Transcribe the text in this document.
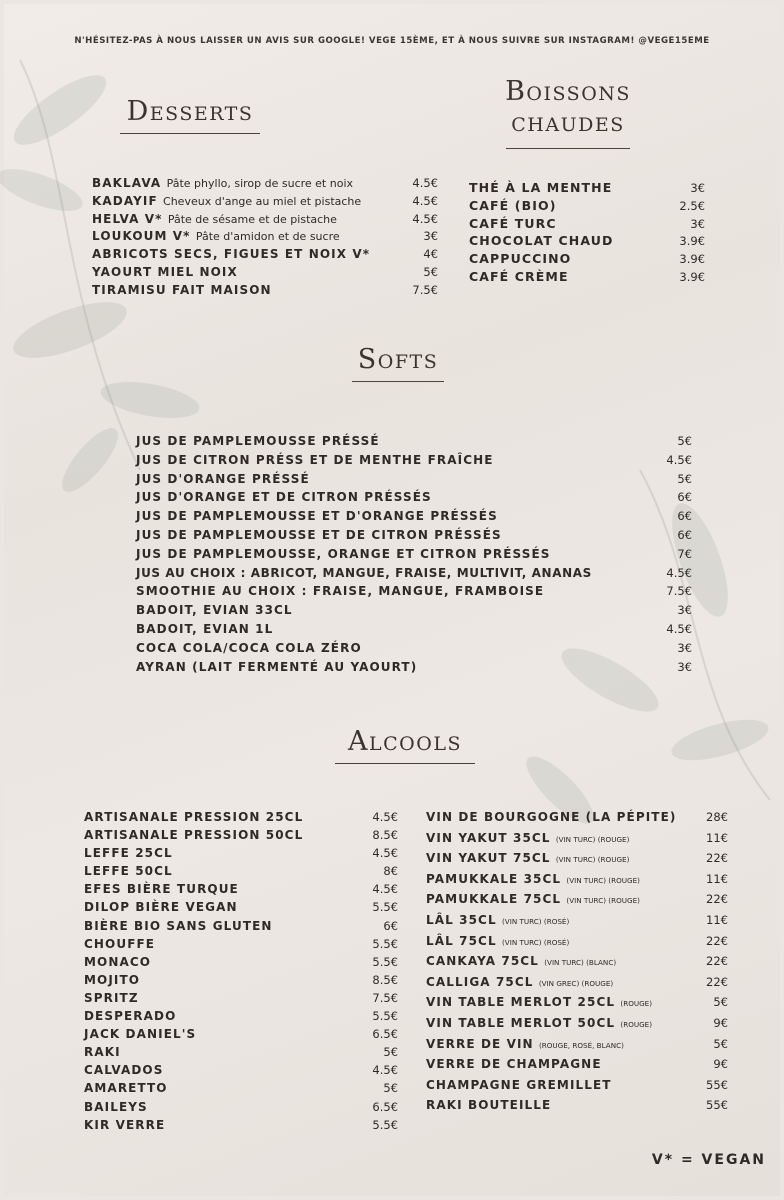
N'HÉSITEZ-PAS À NOUS LAISSER UN AVIS SUR GOOGLE! VEGE 15ÈME, ET À NOUS SUIVRE SUR INSTAGRAM! @VEGE15EME
Desserts
BAKLAVA Pâte phyllo, sirop de sucre et noix	4.5€
KADAYIF Cheveux d'ange au miel et pistache	4.5€
HELVA V* Pâte de sésame et de pistache	4.5€
LOUKOUM V* Pâte d'amidon et de sucre	3€
ABRICOTS SECS, FIGUES ET NOIX V*	4€
YAOURT MIEL NOIX	5€
TIRAMISU FAIT MAISON	7.5€
Boissons
chaudes
THÉ À LA MENTHE	3€
CAFÉ (BIO)	2.5€
CAFÉ TURC	3€
CHOCOLAT CHAUD	3.9€
CAPPUCCINO	3.9€
CAFÉ CRÈME	3.9€
Softs
JUS DE PAMPLEMOUSSE PRÉSSÉ	5€
JUS DE CITRON PRÉSS ET DE MENTHE FRAÎCHE	4.5€
JUS D'ORANGE PRÉSSÉ	5€
JUS D'ORANGE ET DE CITRON PRÉSSÉS	6€
JUS DE PAMPLEMOUSSE ET D'ORANGE PRÉSSÉS	6€
JUS DE PAMPLEMOUSSE ET DE CITRON PRÉSSÉS	6€
JUS DE PAMPLEMOUSSE, ORANGE ET CITRON PRÉSSÉS	7€
JUS AU CHOIX : ABRICOT, MANGUE, FRAISE, MULTIVIT, ANANAS	4.5€
SMOOTHIE AU CHOIX : FRAISE, MANGUE, FRAMBOISE	7.5€
BADOIT, EVIAN 33CL	3€
BADOIT, EVIAN 1L	4.5€
COCA COLA/COCA COLA ZÉRO	3€
AYRAN (LAIT FERMENTÉ AU YAOURT)	3€
Alcools
ARTISANALE PRESSION 25CL	4.5€
ARTISANALE PRESSION 50CL	8.5€
LEFFE 25CL	4.5€
LEFFE 50CL	8€
EFES BIÈRE TURQUE	4.5€
DILOP BIÈRE VEGAN	5.5€
BIÈRE BIO SANS GLUTEN	6€
CHOUFFE	5.5€
MONACO	5.5€
MOJITO	8.5€
SPRITZ	7.5€
DESPERADO	5.5€
JACK DANIEL'S	6.5€
RAKI	5€
CALVADOS	4.5€
AMARETTO	5€
BAILEYS	6.5€
KIR VERRE	5.5€
VIN DE BOURGOGNE (LA PÉPITE)	28€
VIN YAKUT 35CL (VIN TURC) (ROUGE)	11€
VIN YAKUT 75CL (VIN TURC) (ROUGE)	22€
PAMUKKALE 35CL (VIN TURC) (ROUGE)	11€
PAMUKKALE 75CL (VIN TURC) (ROUGE)	22€
LÂL 35CL (VIN TURC) (ROSÉ)	11€
LÂL 75CL (VIN TURC) (ROSÉ)	22€
CANKAYA 75CL (VIN TURC) (BLANC)	22€
CALLIGA 75CL (VIN GREC) (ROUGE)	22€
VIN TABLE MERLOT 25CL (ROUGE)	5€
VIN TABLE MERLOT 50CL (ROUGE)	9€
VERRE DE VIN (ROUGE, ROSÉ, BLANC)	5€
VERRE DE CHAMPAGNE	9€
CHAMPAGNE GREMILLET	55€
RAKI BOUTEILLE	55€
V* = VEGAN
